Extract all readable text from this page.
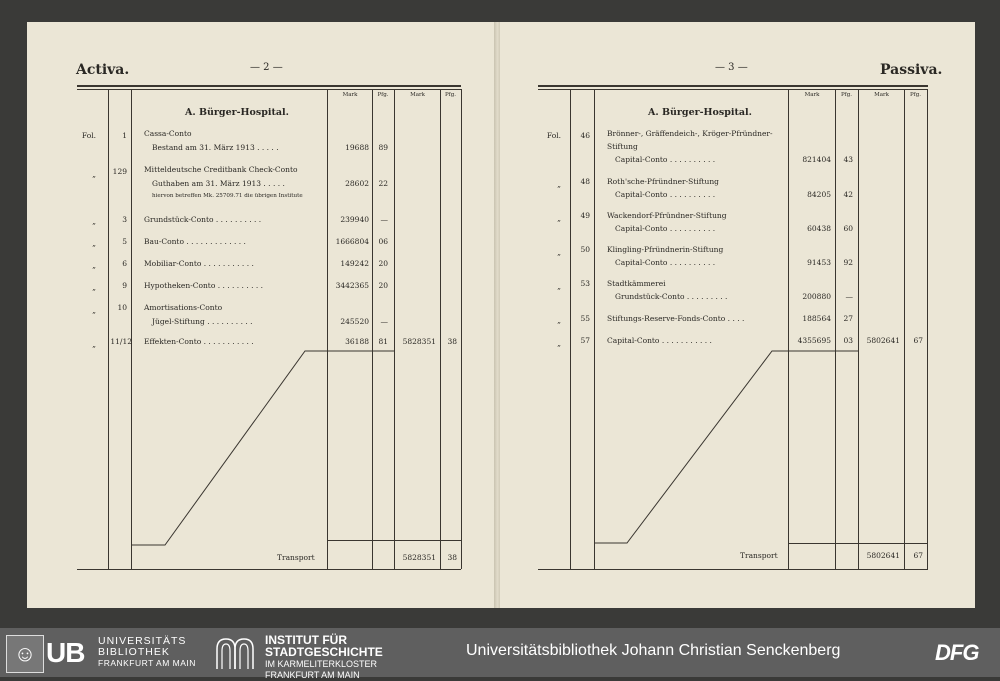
Activa.	— 2 —
Mark	Pfg.	Mark	Pfg.
A. Bürger-Hospital.
Fol.	1 Cassa-Conto
Bestand am 31. März 1913 . . . . .	19688	89
„	129 Mitteldeutsche Creditbank Check-Conto
Guthaben am 31. März 1913 . . . . .
hiervon betreffen Mk. 25709.71 die übrigen Institute
28602	22
„	3 Grundstück-Conto . . . . . . . . . .	239940	—
„	5 Bau-Conto . . . . . . . . . . . . .	1666804	06
„	6 Mobiliar-Conto . . . . . . . . . . .	149242	20
„	9 Hypotheken-Conto . . . . . . . . . .	3442365	20
„	10 Amortisations-Conto
Jügel-Stiftung . . . . . . . . . .	245520	—
„	11/12 Effekten-Conto . . . . . . . . . . .	36188	81	5828351	38
Transport	5828351	38
— 3 —	Passiva.
Mark	Pfg.	Mark	Pfg.
A. Bürger-Hospital.
Fol.	46 Brönner-, Gräffendeich-, Kröger-Pfründner-
Stiftung
Capital-Conto . . . . . . . . . .	821404	43
„	48 Roth'sche-Pfründner-Stiftung
Capital-Conto . . . . . . . . . .	84205	42
„	49 Wackendorf-Pfründner-Stiftung
Capital-Conto . . . . . . . . . .	60438	60
„	50 Klingling-Pfründnerin-Stiftung
Capital-Conto . . . . . . . . . .	91453	92
„	53 Stadtkämmerei
Grundstück-Conto . . . . . . . . .	200880	—
„	55 Stiftungs-Reserve-Fonds-Conto . . . .	188564	27
„	57 Capital-Conto . . . . . . . . . . .	4355695	03	5802641	67
Transport	5802641	67
☺ UB UNIVERSITÄTS
BIBLIOTHEK
FRANKFURT AM MAIN
INSTITUT FÜR
STADTGESCHICHTE
IM KARMELITERKLOSTER
FRANKFURT AM MAIN
Universitätsbibliothek Johann Christian Senckenberg	DFG
